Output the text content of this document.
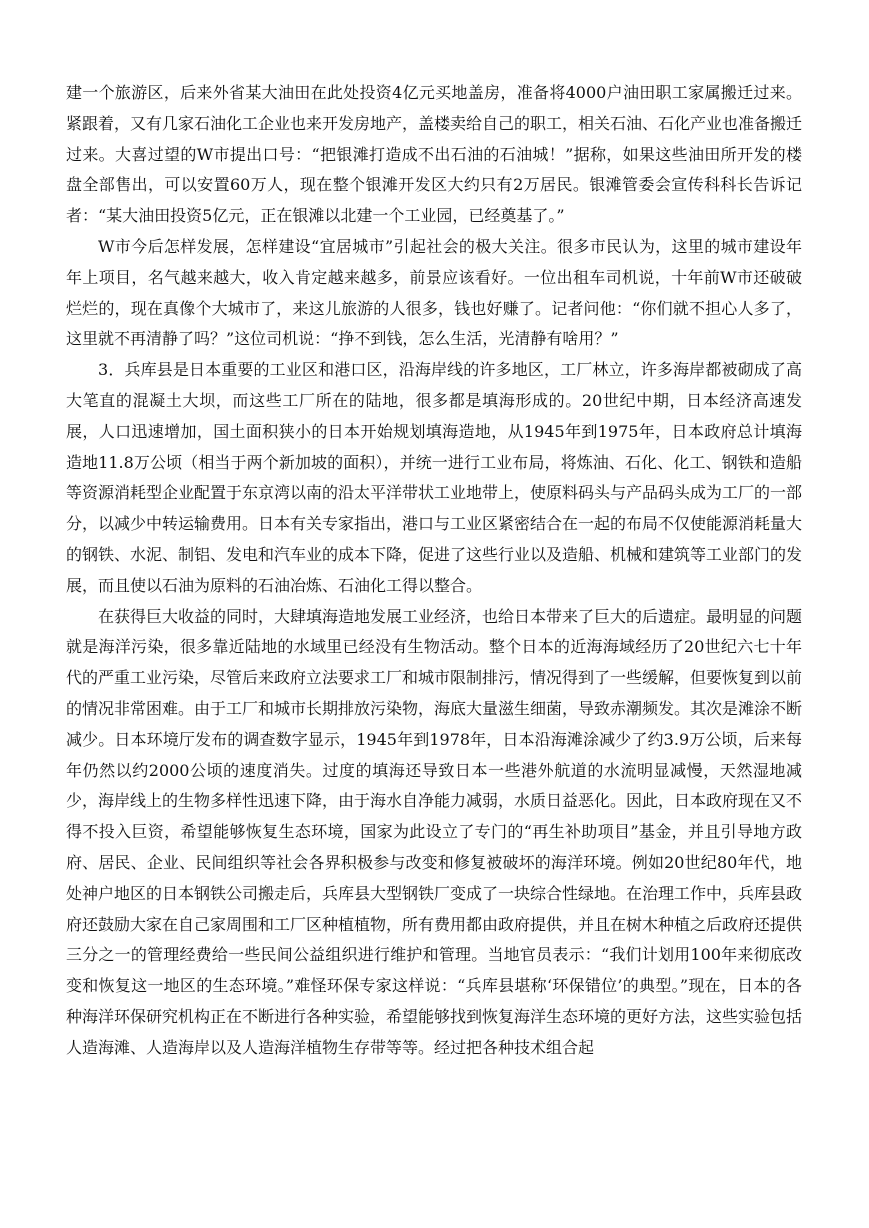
建一个旅游区，后来外省某大油田在此处投资4亿元买地盖房，准备将4000户油田职工家属搬迁过来。紧跟着，又有几家石油化工企业也来开发房地产，盖楼卖给自己的职工，相关石油、石化产业也准备搬迁过来。大喜过望的W市提出口号：“把银滩打造成不出石油的石油城！”据称，如果这些油田所开发的楼盘全部售出，可以安置60万人，现在整个银滩开发区大约只有2万居民。银滩管委会宣传科科长告诉记者：“某大油田投资5亿元，正在银滩以北建一个工业园，已经奠基了。”

W市今后怎样发展，怎样建设“宜居城市”引起社会的极大关注。很多市民认为，这里的城市建设年年上项目，名气越来越大，收入肯定越来越多，前景应该看好。一位出租车司机说，十年前W市还破破烂烂的，现在真像个大城市了，来这儿旅游的人很多，钱也好赚了。记者问他：“你们就不担心人多了，这里就不再清静了吗？”这位司机说：“挣不到钱，怎么生活，光清静有啥用？”

3．兵库县是日本重要的工业区和港口区，沿海岸线的许多地区，工厂林立，许多海岸都被砌成了高大笔直的混凝土大坝，而这些工厂所在的陆地，很多都是填海形成的。20世纪中期，日本经济高速发展，人口迅速增加，国土面积狭小的日本开始规划填海造地，从1945年到1975年，日本政府总计填海造地11.8万公顷（相当于两个新加坡的面积），并统一进行工业布局，将炼油、石化、化工、钢铁和造船等资源消耗型企业配置于东京湾以南的沿太平洋带状工业地带上，使原料码头与产品码头成为工厂的一部分，以减少中转运输费用。日本有关专家指出，港口与工业区紧密结合在一起的布局不仅使能源消耗量大的钢铁、水泥、制铝、发电和汽车业的成本下降，促进了这些行业以及造船、机械和建筑等工业部门的发展，而且使以石油为原料的石油冶炼、石油化工得以整合。

在获得巨大收益的同时，大肆填海造地发展工业经济，也给日本带来了巨大的后遗症。最明显的问题就是海洋污染，很多靠近陆地的水域里已经没有生物活动。整个日本的近海海域经历了20世纪六七十年代的严重工业污染，尽管后来政府立法要求工厂和城市限制排污，情况得到了一些缓解，但要恢复到以前的情况非常困难。由于工厂和城市长期排放污染物，海底大量滋生细菌，导致赤潮频发。其次是滩涂不断减少。日本环境厅发布的调查数字显示，1945年到1978年，日本沿海滩涂减少了约3.9万公顷，后来每年仍然以约2000公顷的速度消失。过度的填海还导致日本一些港外航道的水流明显减慢，天然湿地减少，海岸线上的生物多样性迅速下降，由于海水自净能力减弱，水质日益恶化。因此，日本政府现在又不得不投入巨资，希望能够恢复生态环境，国家为此设立了专门的“再生补助项目”基金，并且引导地方政府、居民、企业、民间组织等社会各界积极参与改变和修复被破坏的海洋环境。例如20世纪80年代，地处神户地区的日本钢铁公司搬走后，兵库县大型钢铁厂变成了一块综合性绿地。在治理工作中，兵库县政府还鼓励大家在自己家周围和工厂区种植植物，所有费用都由政府提供，并且在树木种植之后政府还提供三分之一的管理经费给一些民间公益组织进行维护和管理。当地官员表示：“我们计划用100年来彻底改变和恢复这一地区的生态环境。”难怪环保专家这样说：“兵库县堪称‘环保错位’的典型。”现在，日本的各种海洋环保研究机构正在不断进行各种实验，希望能够找到恢复海洋生态环境的更好方法，这些实验包括人造海滩、人造海岸以及人造海洋植物生存带等等。经过把各种技术组合起
